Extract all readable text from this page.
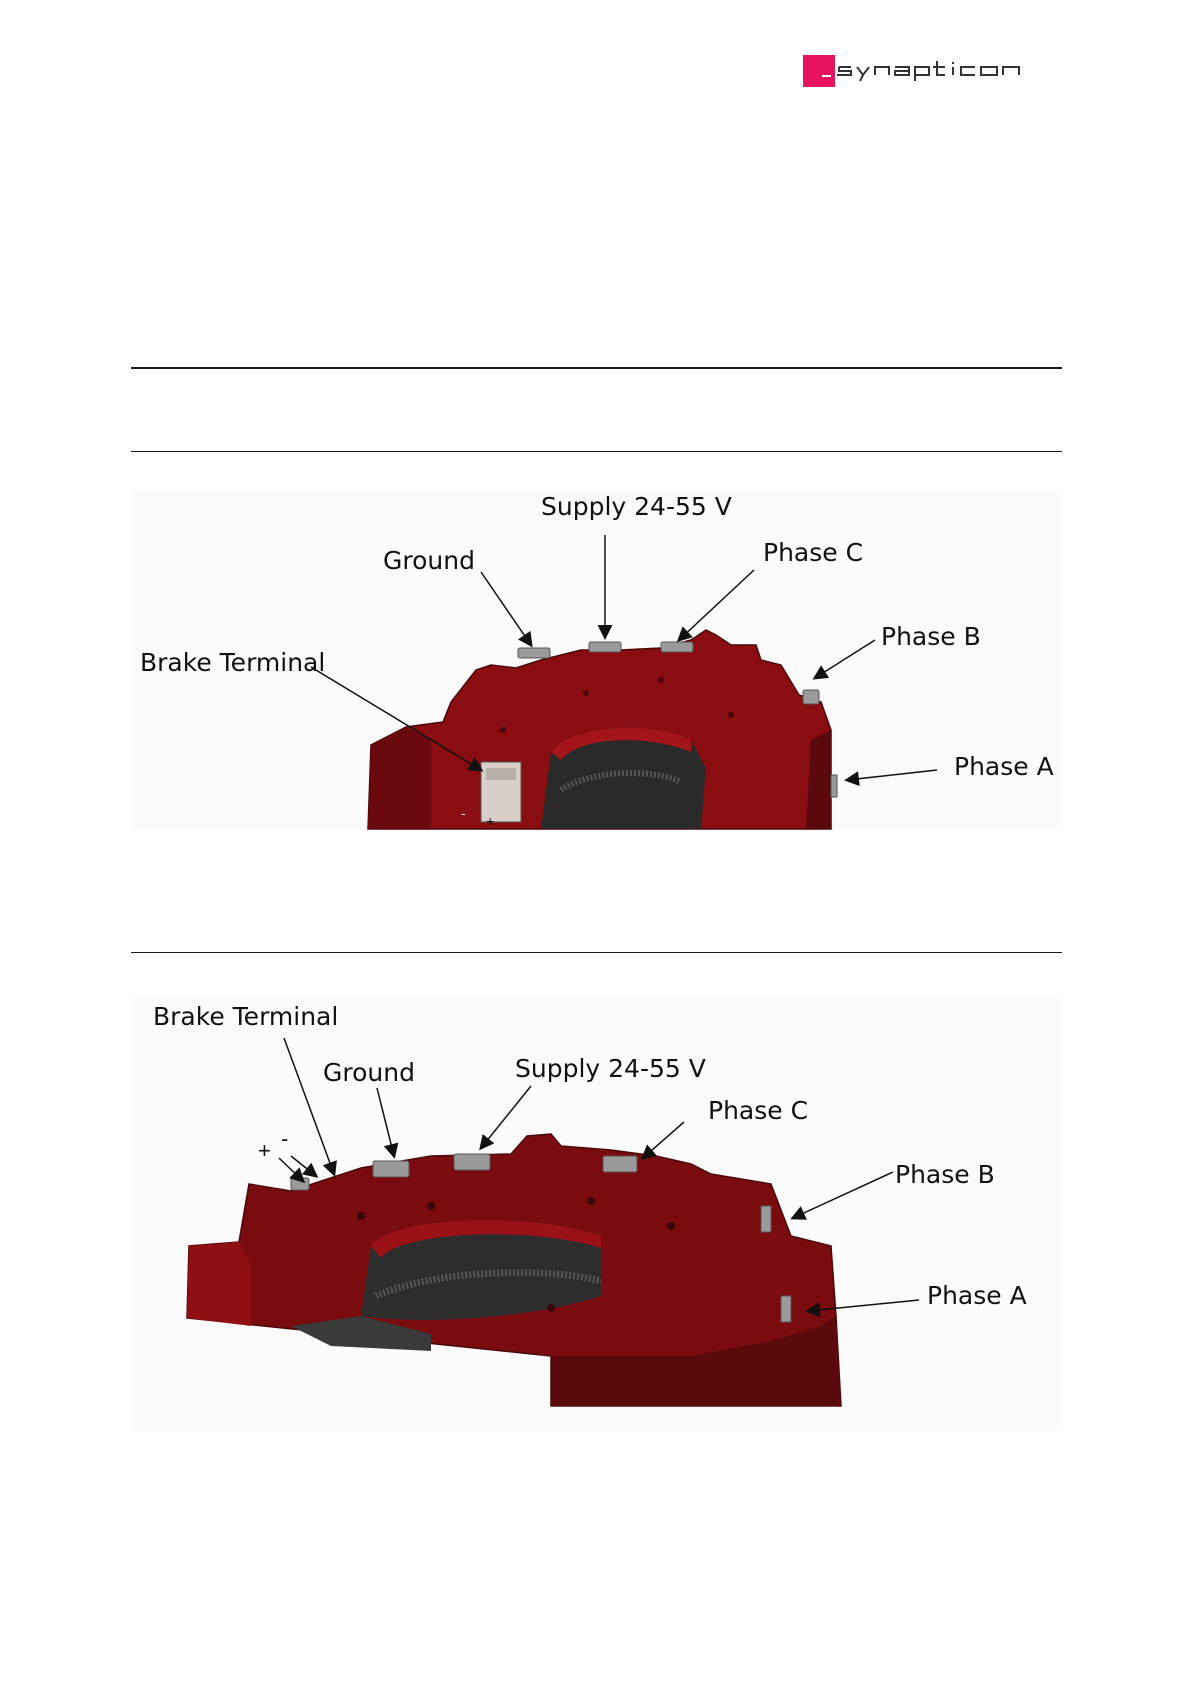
- +
Supply 24-55 V
Ground	Phase C
Phase B
Brake Terminal
Phase A
+ -
Brake Terminal
Ground	Supply 24-55 V
Phase C
Phase B
Phase A
